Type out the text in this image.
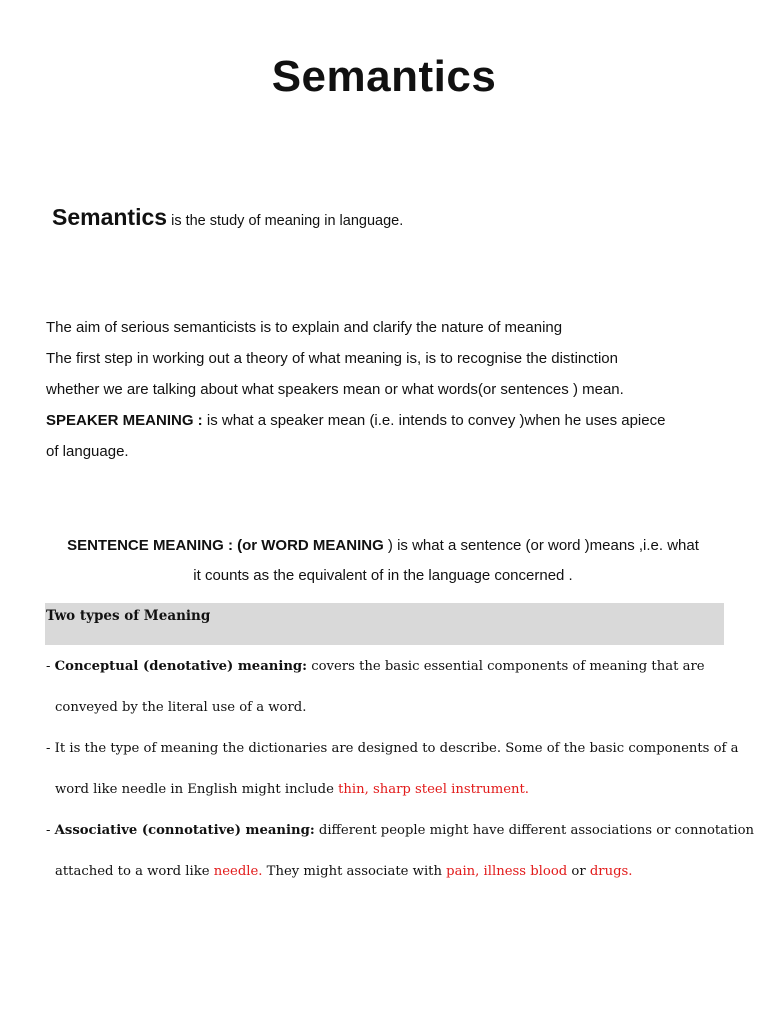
Semantics

Semantics is the study of meaning in language.

The aim of serious semanticists is to explain and clarify the nature of meaning
The first step in working out a theory of what meaning is, is to recognise the distinction
whether we are talking about what speakers mean or what words(or sentences ) mean.
SPEAKER MEANING : is what a speaker mean (i.e. intends to convey )when he uses apiece
of language.
SENTENCE MEANING : (or WORD MEANING ) is what a sentence (or word )means ,i.e. what
it counts as the equivalent of in the language concerned .
Two types of Meaning
- Conceptual (denotative) meaning: covers the basic essential components of meaning that are
conveyed by the literal use of a word.
- It is the type of meaning the dictionaries are designed to describe. Some of the basic components of a
word like needle in English might include thin, sharp steel instrument.
- Associative (connotative) meaning: different people might have different associations or connotation
attached to a word like needle. They might associate with pain, illness blood or drugs.
